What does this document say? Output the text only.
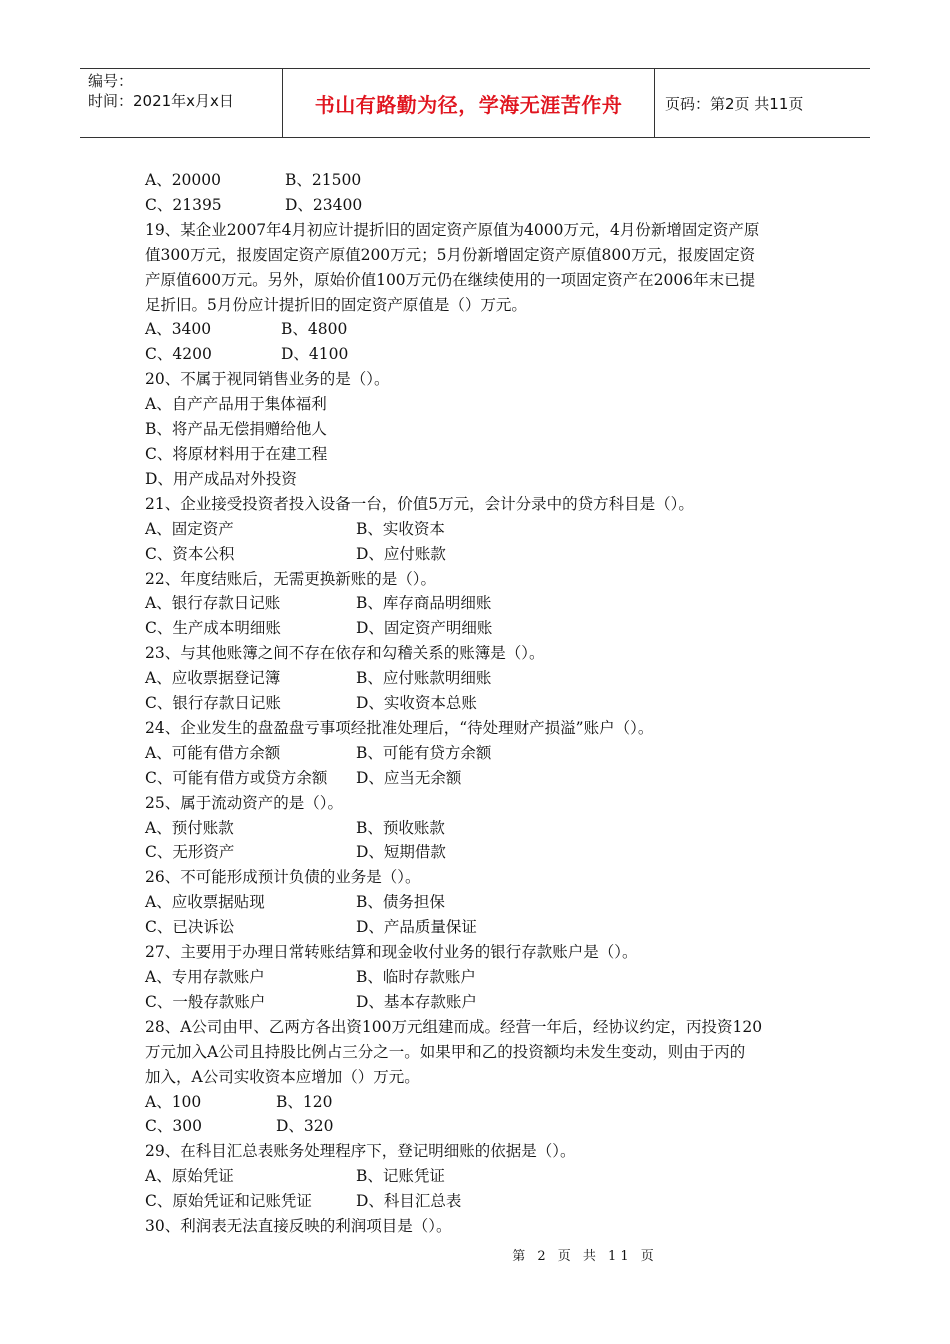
编号：
时间：2021年x月x日	书山有路勤为径，学海无涯苦作舟	页码：第2页 共11页
A、20000	B、21500
C、21395	D、23400
19、某企业2007年4月初应计提折旧的固定资产原值为4000万元，4月份新增固定资产原
值300万元，报废固定资产原值200万元；5月份新增固定资产原值800万元，报废固定资
产原值600万元。另外，原始价值100万元仍在继续使用的一项固定资产在2006年末已提
足折旧。5月份应计提折旧的固定资产原值是（）万元。
A、3400	B、4800
C、4200	D、4100
20、不属于视同销售业务的是（）。
A、自产产品用于集体福利
B、将产品无偿捐赠给他人
C、将原材料用于在建工程
D、用产成品对外投资
21、企业接受投资者投入设备一台，价值5万元，会计分录中的贷方科目是（）。
A、固定资产	B、实收资本
C、资本公积	D、应付账款
22、年度结账后，无需更换新账的是（）。
A、银行存款日记账	B、库存商品明细账
C、生产成本明细账	D、固定资产明细账
23、与其他账簿之间不存在依存和勾稽关系的账簿是（）。
A、应收票据登记簿	B、应付账款明细账
C、银行存款日记账	D、实收资本总账
24、企业发生的盘盈盘亏事项经批准处理后，“待处理财产损溢”账户（）。
A、可能有借方余额	B、可能有贷方余额
C、可能有借方或贷方余额	D、应当无余额
25、属于流动资产的是（）。
A、预付账款	B、预收账款
C、无形资产	D、短期借款
26、不可能形成预计负债的业务是（）。
A、应收票据贴现	B、债务担保
C、已决诉讼	D、产品质量保证
27、主要用于办理日常转账结算和现金收付业务的银行存款账户是（）。
A、专用存款账户	B、临时存款账户
C、一般存款账户	D、基本存款账户
28、A公司由甲、乙两方各出资100万元组建而成。经营一年后，经协议约定，丙投资120
万元加入A公司且持股比例占三分之一。如果甲和乙的投资额均未发生变动，则由于丙的
加入，A公司实收资本应增加（）万元。
A、100	B、120
C、300	D、320
29、在科目汇总表账务处理程序下，登记明细账的依据是（）。
A、原始凭证	B、记账凭证
C、原始凭证和记账凭证	D、科目汇总表
30、利润表无法直接反映的利润项目是（）。
第 2 页 共 11 页
